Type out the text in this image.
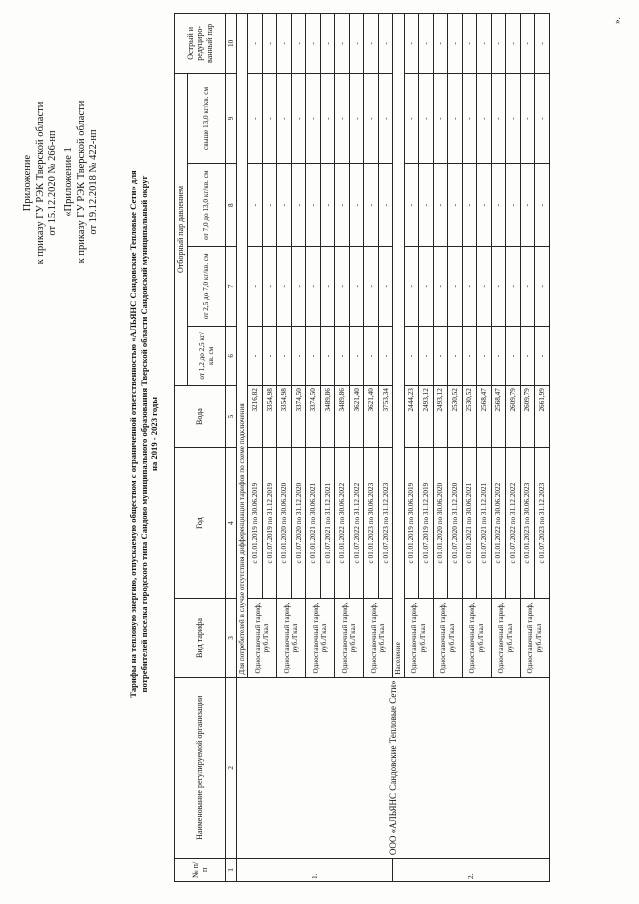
Приложение к приказу ГУ РЭК Тверской области от 15.12.2020 № 266-нп «Приложение 1 к приказу ГУ РЭК Тверской области от 19.12.2018 № 422-нп	Тарифы на тепловую энергию, отпускаемую обществом с ограниченной ответственностью «АЛЬЯНС Сандовские Тепловые Сети» для потребителей поселка городского типа Сандово муниципального образования Тверской области Сандовский муниципальный округ на 2019 - 2023 годы
№ п/ п	Наименование регулируемой организации	Вид тарифа	Год	Вода	Отборный пар давлением				Острый и редуциро-ванный пар
					от 1,2 до 2,5 кг/кв. см	от 2,5 до 7,0 кг/кв. см	от 7,0 до 13,0 кг/кв. см	свыше 13,0 кг/кв. см	
1	2	3	4	5	6	7	8	9	10
1.	ООО «АЛЬЯНС Сандовские Тепловые Сети»	Для потребителей в случае отсутствия дифференциации тарифов по схеме подключения							
		Одноставочный тариф, руб./Гкал	с 01.01.2019 по 30.06.2019	3216,82	-	-	-	-	-
			с 01.07.2019 по 31.12.2019	3354,98	-	-	-	-	-
		Одноставочный тариф, руб./Гкал	с 01.01.2020 по 30.06.2020	3354,98	-	-	-	-	-
			с 01.07.2020 по 31.12.2020	3374,50	-	-	-	-	-
		Одноставочный тариф, руб./Гкал	с 01.01.2021 по 30.06.2021	3374,50	-	-	-	-	-
			с 01.07.2021 по 31.12.2021	3489,86	-	-	-	-	-
		Одноставочный тариф, руб./Гкал	с 01.01.2022 по 30.06.2022	3489,86	-	-	-	-	-
			с 01.07.2022 по 31.12.2022	3621,40	-	-	-	-	-
		Одноставочный тариф, руб./Гкал	с 01.01.2023 по 30.06.2023	3621,40	-	-	-	-	-
			с 01.07.2023 по 31.12.2023	3753,34	-	-	-	-	-
2.		Население							
		Одноставочный тариф, руб./Гкал	с 01.01.2019 по 30.06.2019	2444,23	-	-	-	-	-
			с 01.07.2019 по 31.12.2019	2493,12	-	-	-	-	-
		Одноставочный тариф, руб./Гкал	с 01.01.2020 по 30.06.2020	2493,12	-	-	-	-	-
			с 01.07.2020 по 31.12.2020	2530,52	-	-	-	-	-
		Одноставочный тариф, руб./Гкал	с 01.01.2021 по 30.06.2021	2530,52	-	-	-	-	-
			с 01.07.2021 по 31.12.2021	2568,47	-	-	-	-	-
		Одноставочный тариф, руб./Гкал	с 01.01.2022 по 30.06.2022	2568,47	-	-	-	-	-
			с 01.07.2022 по 31.12.2022	2609,79	-	-	-	-	-
		Одноставочный тариф, руб./Гкал	с 01.01.2023 по 30.06.2023	2609,79	-	-	-	-	-
			с 01.07.2023 по 31.12.2023	2661,99	-	-	-	-	-
».
